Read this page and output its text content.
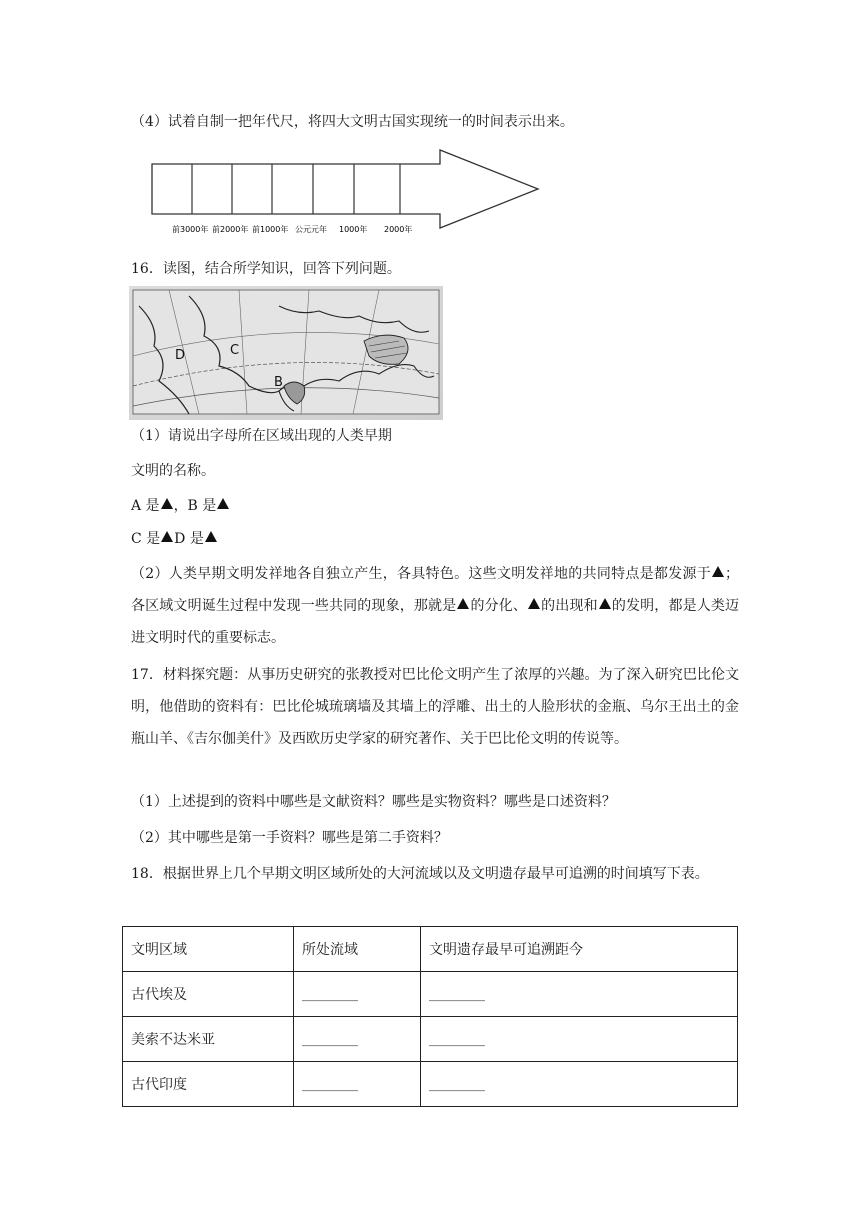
（4）试着自制一把年代尺，将四大文明古国实现统一的时间表示出来。
前3000年 前2000年 前1000年 公元元年 1000年 2000年
16．读图，结合所学知识，回答下列问题。
D	C
B
（1）请说出字母所在区域出现的人类早期
文明的名称。
A 是 ，B 是
C 是 D 是
（2）人类早期文明发祥地各自独立产生，各具特色。这些文明发祥地的共同特点是都发源于 ；各区域文明诞生过程中发现一些共同的现象，那就是 的分化、 的出现和 的发明，都是人类迈进文明时代的重要标志。
17．材料探究题：从事历史研究的张教授对巴比伦文明产生了浓厚的兴趣。为了深入研究巴比伦文明，他借助的资料有：巴比伦城琉璃墙及其墙上的浮雕、出土的人脸形状的金瓶、乌尔王出土的金瓶山羊、《吉尔伽美什》及西欧历史学家的研究著作、关于巴比伦文明的传说等。
（1）上述提到的资料中哪些是文献资料？哪些是实物资料？哪些是口述资料？
（2）其中哪些是第一手资料？哪些是第二手资料？
18．根据世界上几个早期文明区域所处的大河流域以及文明遗存最早可追溯的时间填写下表。
文明区域	所处流域	文明遗存最早可追溯距今
古代埃及	________	________
美索不达米亚	________	________
古代印度	________	________
